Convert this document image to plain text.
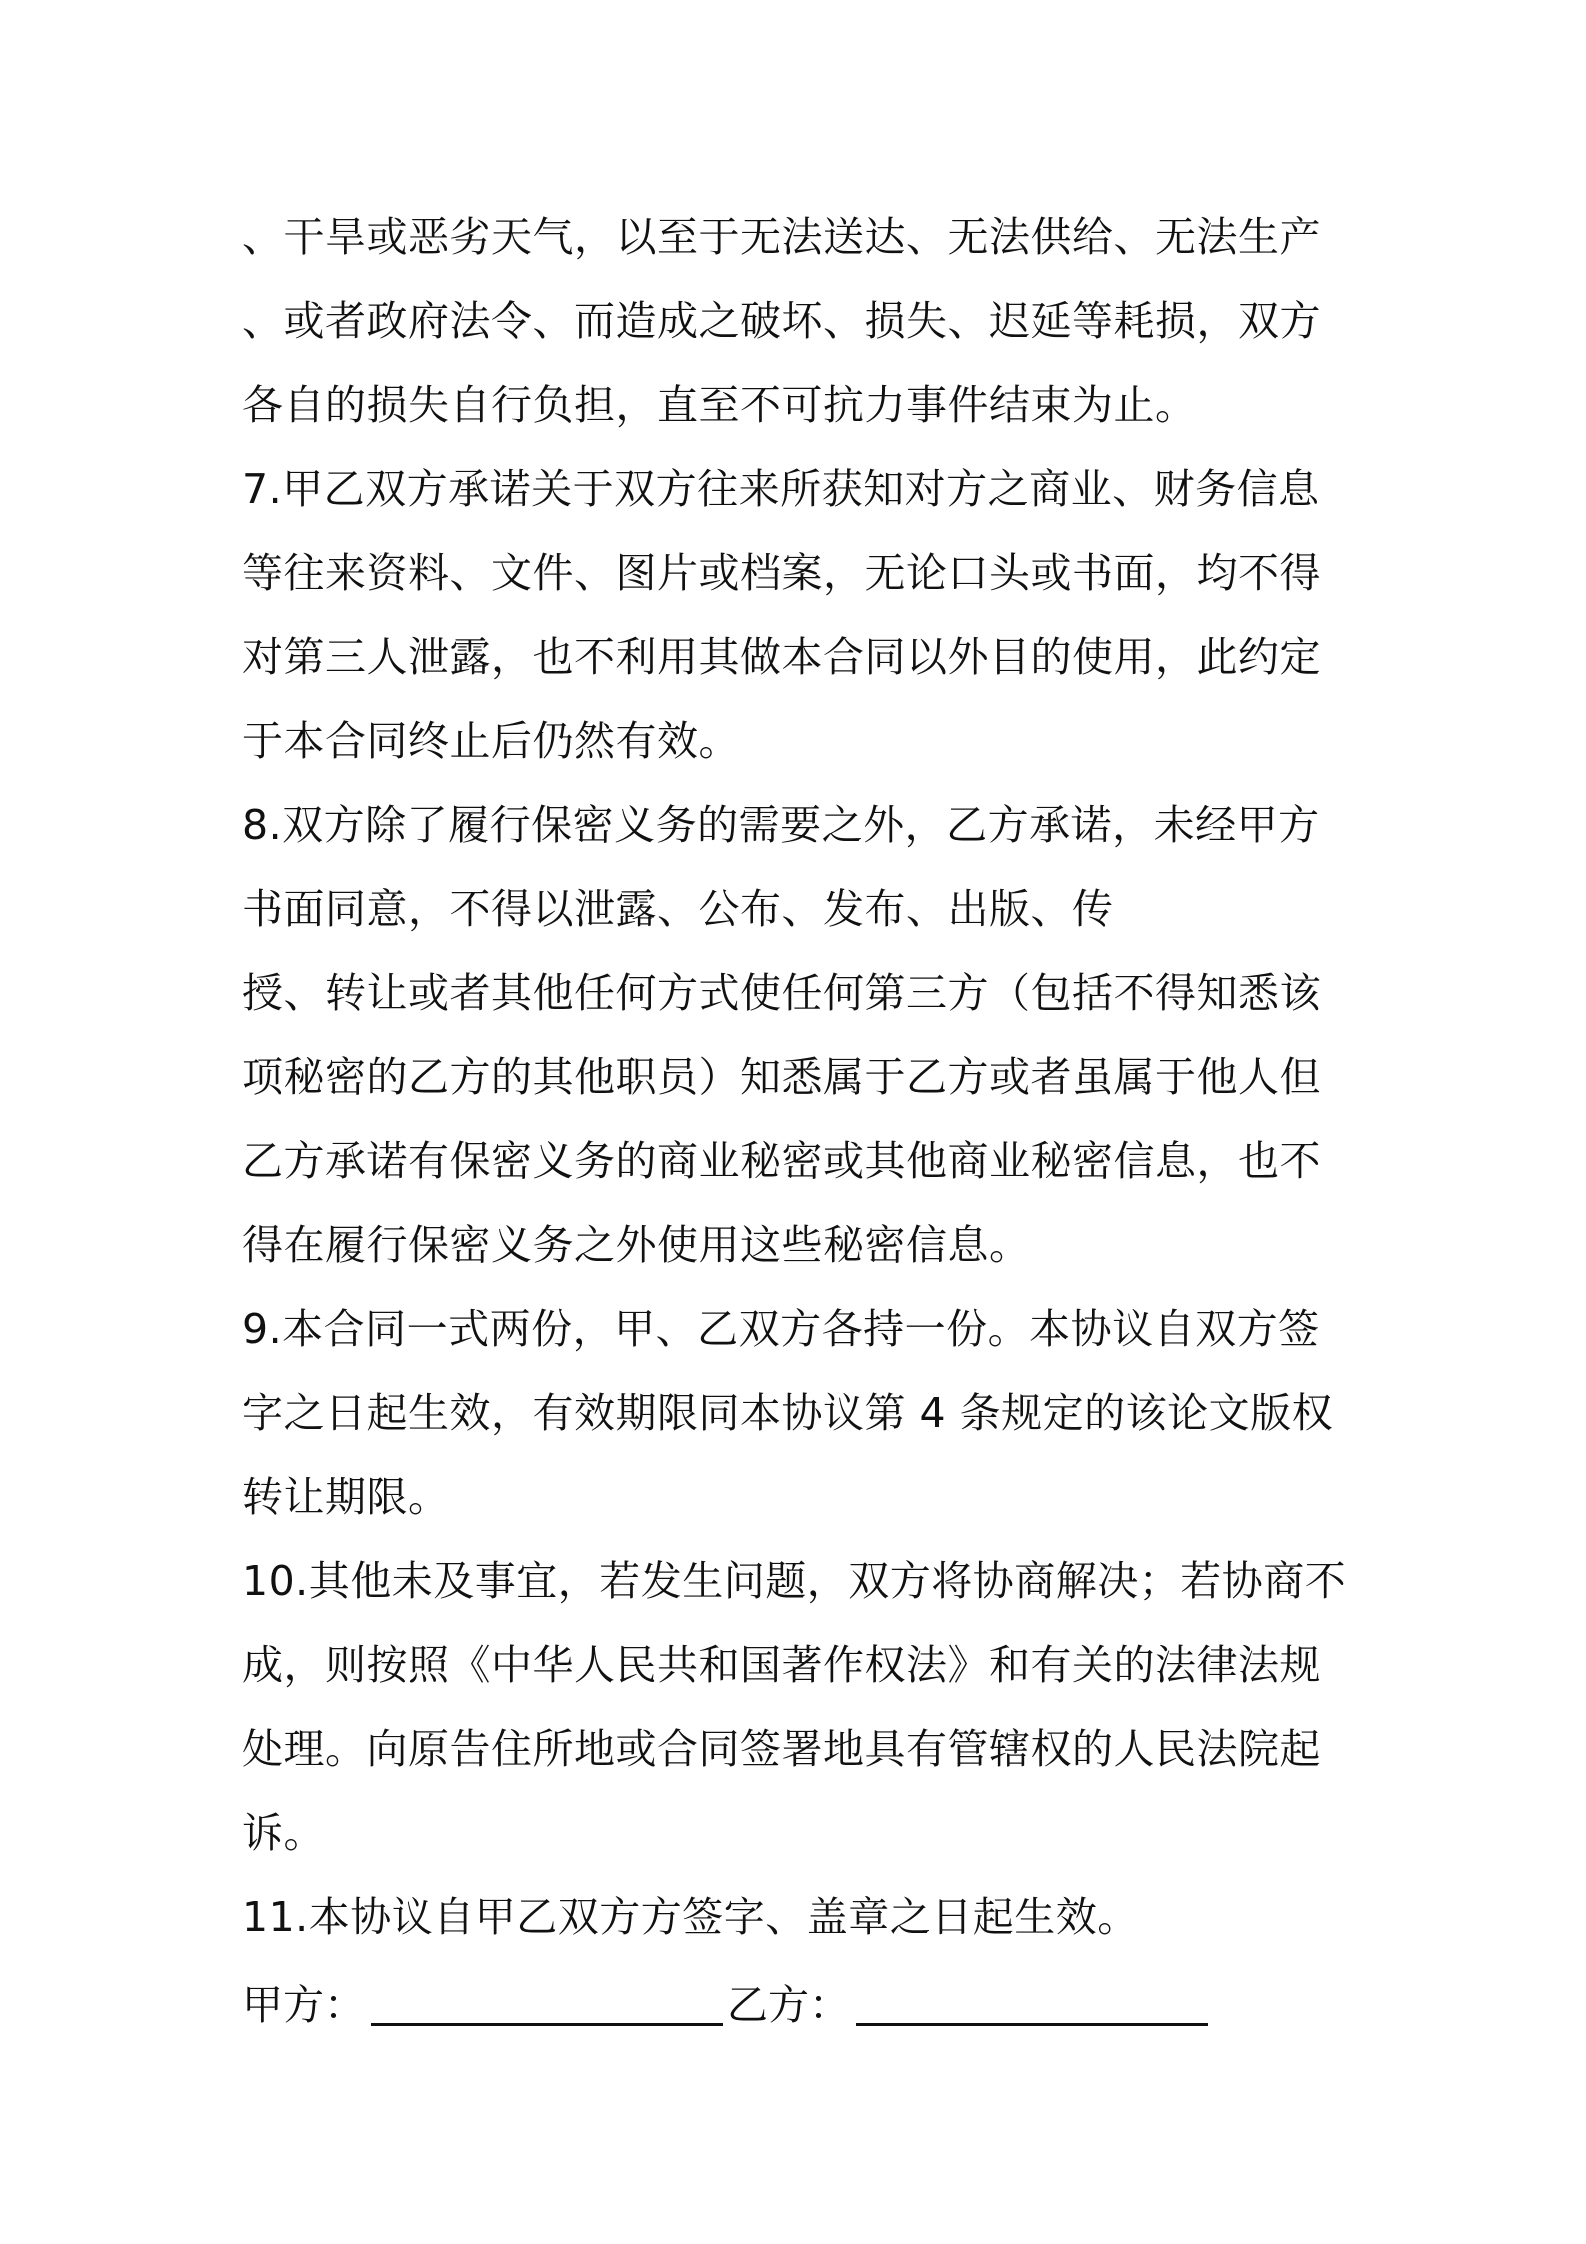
、干旱或恶劣天气，以至于无法送达、无法供给、无法生产
、或者政府法令、而造成之破坏、损失、迟延等耗损，双方
各自的损失自行负担，直至不可抗力事件结束为止。
7.甲乙双方承诺关于双方往来所获知对方之商业、财务信息
等往来资料、文件、图片或档案，无论口头或书面，均不得
对第三人泄露，也不利用其做本合同以外目的使用，此约定
于本合同终止后仍然有效。
8.双方除了履行保密义务的需要之外，乙方承诺，未经甲方
书面同意，不得以泄露、公布、发布、出版、传
授、转让或者其他任何方式使任何第三方（包括不得知悉该
项秘密的乙方的其他职员）知悉属于乙方或者虽属于他人但
乙方承诺有保密义务的商业秘密或其他商业秘密信息，也不
得在履行保密义务之外使用这些秘密信息。
9.本合同一式两份，甲、乙双方各持一份。本协议自双方签
字之日起生效，有效期限同本协议第 4 条规定的该论文版权
转让期限。
10.其他未及事宜，若发生问题，双方将协商解决；若协商不
成，则按照《中华人民共和国著作权法》和有关的法律法规
处理。向原告住所地或合同签署地具有管辖权的人民法院起
诉。
11.本协议自甲乙双方方签字、盖章之日起生效。
甲方：	乙方：
